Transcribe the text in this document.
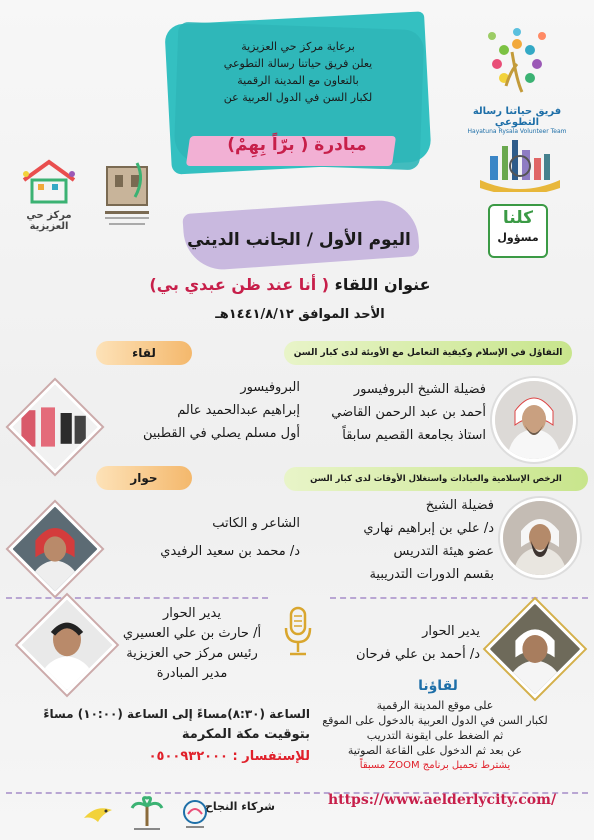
برعاية مركز حي العزيزية
يعلن فريق حياتنا رسالة التطوعي
بالتعاون مع المدينة الرقمية
لكبار السن في الدول العربية عن
مبادرة ( برّاً بِهِمْ)
فريق حياتنا رسالة التطوعي
Hayatuna Rysala Volunteer Team
مركز حي العزيزية	كلنا
مسؤول
اليوم الأول / الجانب الديني
عنوان اللقاء ( أنا عند ظن عبدي بي)
الأحد الموافق ١٤٤١/٨/١٢هـ
التفاؤل في الإسلام وكيفية التعامل مع الأوبئة لدى كبار السن
فضيلة الشيخ البروفيسور
أحمد بن عبد الرحمن القاضي
استاذ بجامعة القصيم سابقاً
الرخص الإسلامية والعبادات واستغلال الأوقات لدى كبار السن
فضيلة الشيخ
د/ علي بن إبراهيم نهاري
عضو هيئة التدريس
بقسم الدورات التدريبية
لقاء
البروفيسور
إبراهيم عبدالحميد عالم
أول مسلم يصلي في القطبين
حوار
الشاعر و الكاتب
د/ محمد بن سعيد الرفيدي
يدير الحوار
أ/ حارث بن علي العسيري
رئيس مركز حي العزيزية
مدير المبادرة
يدير الحوار
د/ أحمد بن علي فرحان
الساعة (٨:٣٠)مساءً إلى الساعة (١٠:٠٠) مساءً
بتوقيت مكة المكرمة
للإستفسار : ٠٥٠٠٩٣٢٠٠٠
لقاؤنا
على موقع المدينة الرقمية
لكبار السن في الدول العربية بالدخول على الموقع
ثم الضغط على ايقونة التدريب
عن بعد ثم الدخول على القاعة الصوتية
يشترط تحميل برنامج ZOOM مسبقاً
https://www.aelderlycity.com/
شركاء النجاح
